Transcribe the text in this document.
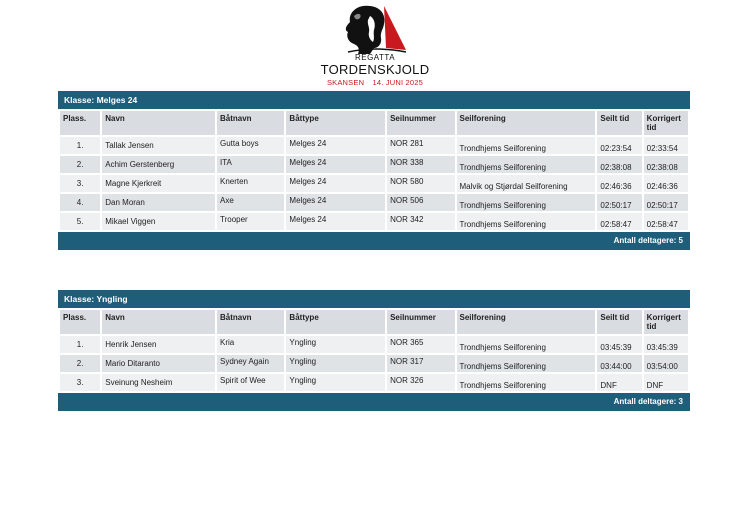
REGATTA
TORDENSKJOLD
SKANSEN 14. JUNI 2025
Klasse: Melges 24
Plass.	Navn	Båtnavn	Båttype	Seilnummer	Seilforening	Seilt tid	Korrigert tid
1.	Tallak Jensen	Gutta boys	Melges 24	NOR 281	Trondhjems Seilforening	02:23:54	02:33:54
2.	Achim Gerstenberg	ITA	Melges 24	NOR 338	Trondhjems Seilforening	02:38:08	02:38:08
3.	Magne Kjerkreit	Knerten	Melges 24	NOR 580	Malvik og Stjørdal Seilforening	02:46:36	02:46:36
4.	Dan Moran	Axe	Melges 24	NOR 506	Trondhjems Seilforening	02:50:17	02:50:17
5.	Mikael Viggen	Trooper	Melges 24	NOR 342	Trondhjems Seilforening	02:58:47	02:58:47
Antall deltagere: 5
Klasse: Yngling
Plass.	Navn	Båtnavn	Båttype	Seilnummer	Seilforening	Seilt tid	Korrigert tid
1.	Henrik Jensen	Kria	Yngling	NOR 365	Trondhjems Seilforening	03:45:39	03:45:39
2.	Mario Ditaranto	Sydney Again	Yngling	NOR 317	Trondhjems Seilforening	03:44:00	03:54:00
3.	Sveinung Nesheim	Spirit of Wee	Yngling	NOR 326	Trondhjems Seilforening	DNF	DNF
Antall deltagere: 3
